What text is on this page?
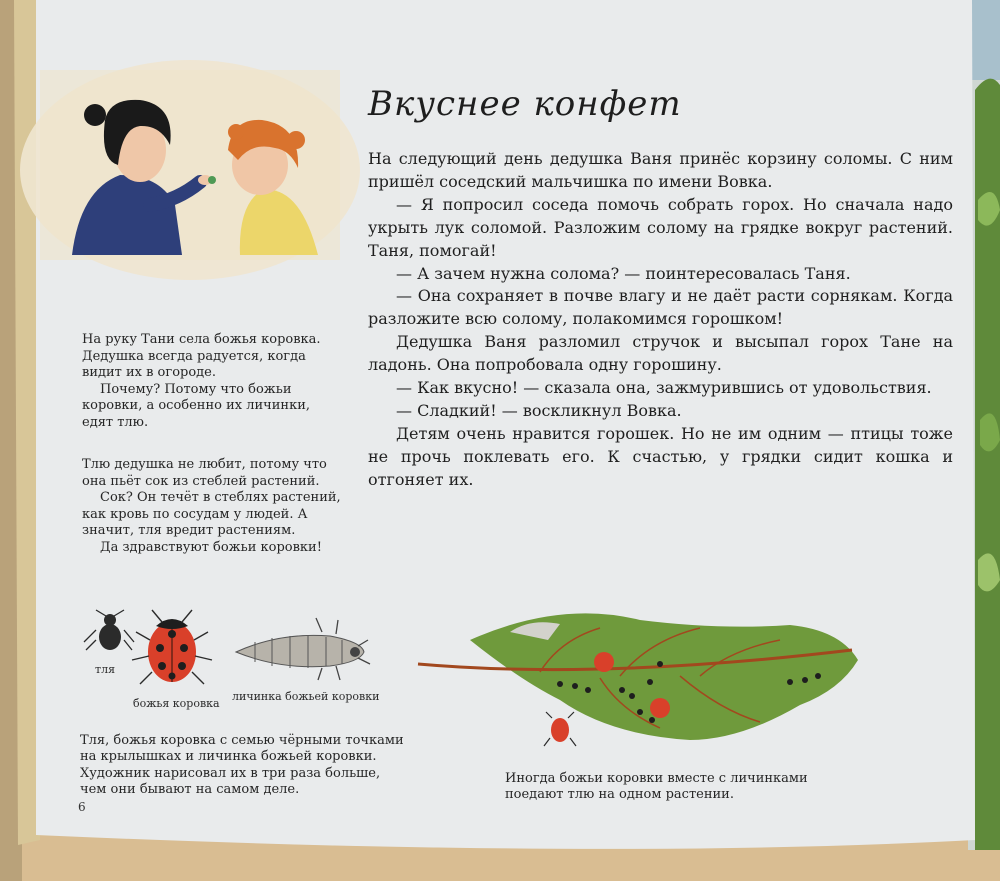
Вкуснее конфет

На следующий день дедушка Ваня принёс корзину соломы. С ним пришёл соседский мальчишка по имени Вовка.

— Я попросил соседа помочь собрать горох. Но сначала надо укрыть лук соломой. Разложим солому на грядке вокруг растений. Таня, помогай!

— А зачем нужна солома? — поинтересовалась Таня.

— Она сохраняет в почве влагу и не даёт расти сорнякам. Когда разложите всю солому, полакомимся горошком!

Дедушка Ваня разломил стручок и высыпал горох Тане на ладонь. Она попробовала одну горошину.

— Как вкусно! — сказала она, зажмурившись от удовольствия.

— Сладкий! — воскликнул Вовка.

Детям очень нравится горошек. Но не им одним — птицы тоже не прочь поклевать его. К счастью, у грядки сидит кошка и отгоняет их.

На руку Тани села божья коровка. Дедушка всегда радуется, когда видит их в огороде.

Почему? Потому что божьи коровки, а особенно их личинки, едят тлю.

Тлю дедушка не любит, потому что она пьёт сок из стеблей растений.

Сок? Он течёт в стеблях растений, как кровь по сосудам у людей. А значит, тля вредит растениям.

Да здравствуют божьи коровки!

тля

божья коровка

личинка божьей коровки

Тля, божья коровка с семью чёрными точками на крылышках и личинка божьей коровки. Художник нарисовал их в три раза больше, чем они бывают на самом деле.

Иногда божьи коровки вместе с личинками поедают тлю на одном растении.

6
